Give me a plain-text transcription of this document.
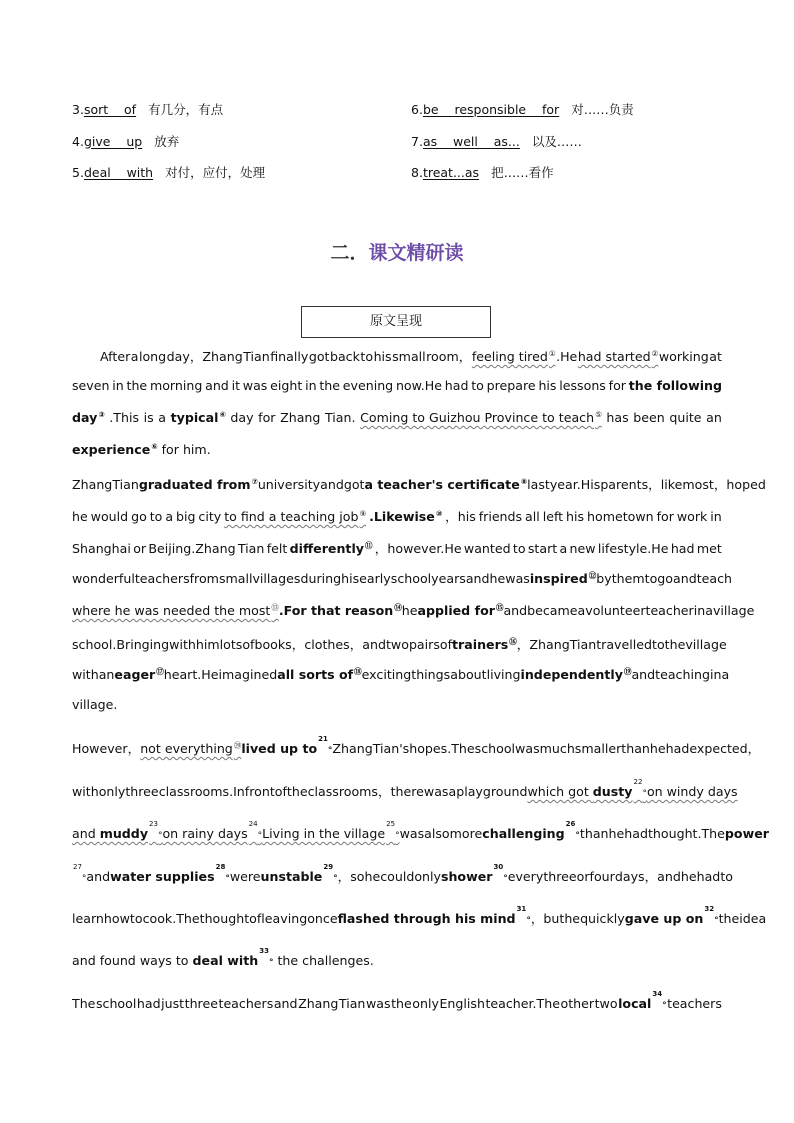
3.sort    of 有几分，有点	6.be    responsible    for 对……负责
4.give    up 放弃	7.as    well    as... 以及……
5.deal    with 对付，应付，处理	8.treat...as 把……看作
二．课文精研读
原文呈现
After a long day，Zhang Tian finally got back to his small room， feeling tired① .He had started② working at
seven in the morning and it was eight in the evening now.He had to prepare his lessons for the following
day③ .This is a typical④ day for Zhang Tian. Coming to Guizhou Province to teach⑤ has been quite an
experience⑥ for him.
Zhang Tian graduated from⑦ university and got a teacher's certificate⑧ last year.His parents，like most，hoped
he would go to a big city to find a teaching job⑨ .Likewise⑩ ，his friends all left his hometown for work in
Shanghai or Beijing.Zhang Tian felt differently⑪ ，however.He wanted to start a new lifestyle.He had met
wonderful teachers from small villages during his early school years and he was inspired⑫ by them to go and teach
where he was needed the most⑬ .For that reason⑭ he applied for⑮ and became a volunteer teacher in a village
school.Bringing with him lots of books，clothes，and two pairs of trainers⑯ ，Zhang Tian travelled to the village
with an eager⑰ heart.He imagined all sorts of⑱ exciting things about living independently⑲ and teaching in a
village.
However， not everything⑳ lived up $to^{21}^\circ$ Zhang Tian's hopes.The school was much smaller than he had expected，
with only three classrooms.In front of the classrooms，there was a playground which got dusty$^{22}$° on windy days
and muddy$^{23}$° on rainy days$^{24}$° Living in the village$^{25}$° was also more challenging$^{26}$° than he had thought.The power
$^{27}$° and water supplies$^{28}$° were unstable$^{29}$° ，so he could only shower$^{30}$° every three or four days，and he had to
learn how to cook.The thought of leaving once flashed through his mind$^{31}$° ，but he quickly gave up $on^{32}^\circ$ the idea
and found ways to deal with$^{33}$° the challenges.
The school had just three teachers and Zhang Tian was the only English teacher.The other two local$^{34}$° teachers
